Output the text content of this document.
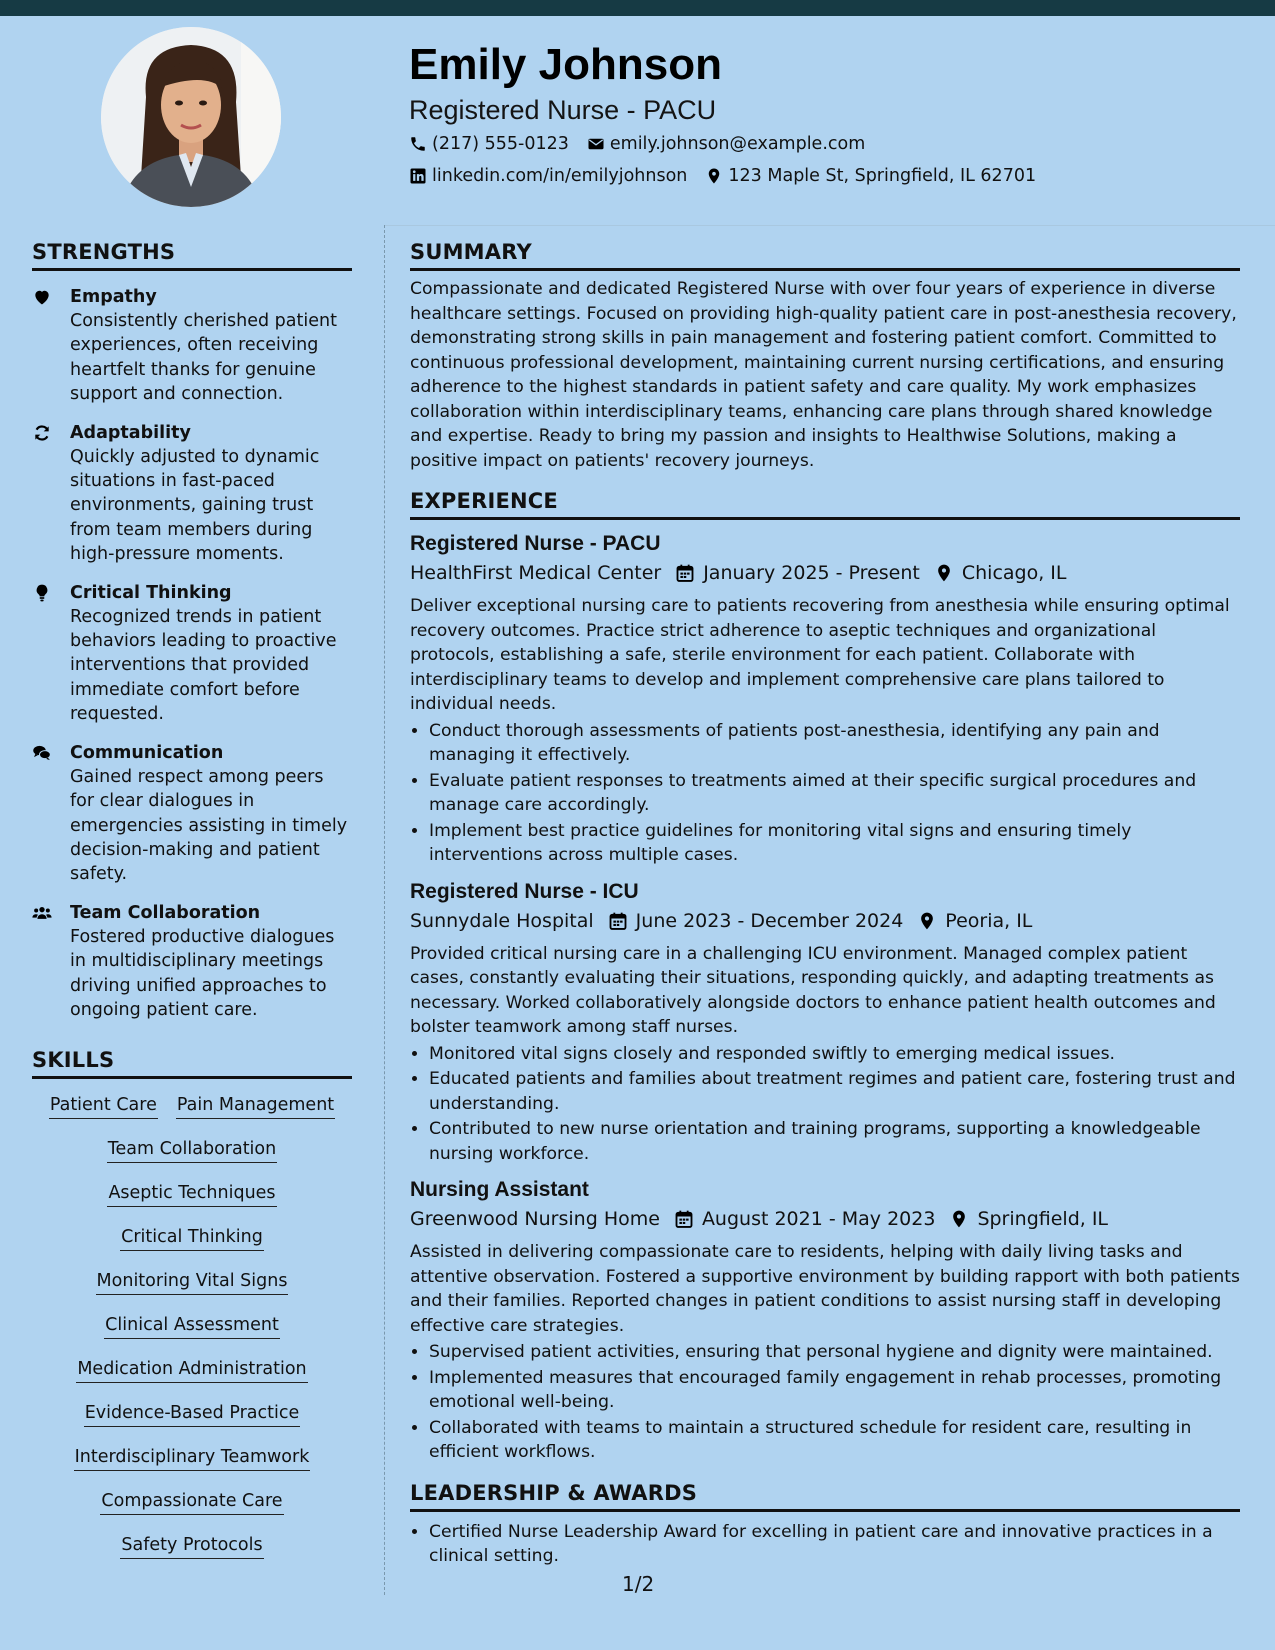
Emily Johnson
Registered Nurse - PACU
(217) 555-0123 emily.johnson@example.com
linkedin.com/in/emilyjohnson 123 Maple St, Springfield, IL 62701
STRENGTHS

Empathy

Consistently cherished patient experiences, often receiving heartfelt thanks for genuine support and connection.

Adaptability

Quickly adjusted to dynamic situations in fast-paced environments, gaining trust from team members during high-pressure moments.

Critical Thinking

Recognized trends in patient behaviors leading to proactive interventions that provided immediate comfort before requested.

Communication

Gained respect among peers for clear dialogues in emergencies assisting in timely decision-making and patient safety.

Team Collaboration

Fostered productive dialogues in multidisciplinary meetings driving unified approaches to ongoing patient care.

SKILLS
Patient Care Pain Management
Team Collaboration
Aseptic Techniques
Critical Thinking
Monitoring Vital Signs
Clinical Assessment
Medication Administration
Evidence-Based Practice
Interdisciplinary Teamwork
Compassionate Care
Safety Protocols
SUMMARY

Compassionate and dedicated Registered Nurse with over four years of experience in diverse healthcare settings. Focused on providing high-quality patient care in post-anesthesia recovery, demonstrating strong skills in pain management and fostering patient comfort. Committed to continuous professional development, maintaining current nursing certifications, and ensuring adherence to the highest standards in patient safety and care quality. My work emphasizes collaboration within interdisciplinary teams, enhancing care plans through shared knowledge and expertise. Ready to bring my passion and insights to Healthwise Solutions, making a positive impact on patients' recovery journeys.

EXPERIENCE

Registered Nurse - PACU

HealthFirst Medical Center January 2025 - Present Chicago, IL

Deliver exceptional nursing care to patients recovering from anesthesia while ensuring optimal recovery outcomes. Practice strict adherence to aseptic techniques and organizational protocols, establishing a safe, sterile environment for each patient. Collaborate with interdisciplinary teams to develop and implement comprehensive care plans tailored to individual needs.

• Conduct thorough assessments of patients post-anesthesia, identifying any pain and managing it effectively.
• Evaluate patient responses to treatments aimed at their specific surgical procedures and manage care accordingly.
• Implement best practice guidelines for monitoring vital signs and ensuring timely interventions across multiple cases.

Registered Nurse - ICU

Sunnydale Hospital June 2023 - December 2024 Peoria, IL

Provided critical nursing care in a challenging ICU environment. Managed complex patient cases, constantly evaluating their situations, responding quickly, and adapting treatments as necessary. Worked collaboratively alongside doctors to enhance patient health outcomes and bolster teamwork among staff nurses.

• Monitored vital signs closely and responded swiftly to emerging medical issues.
• Educated patients and families about treatment regimes and patient care, fostering trust and understanding.
• Contributed to new nurse orientation and training programs, supporting a knowledgeable nursing workforce.

Nursing Assistant

Greenwood Nursing Home August 2021 - May 2023 Springfield, IL

Assisted in delivering compassionate care to residents, helping with daily living tasks and attentive observation. Fostered a supportive environment by building rapport with both patients and their families. Reported changes in patient conditions to assist nursing staff in developing effective care strategies.

• Supervised patient activities, ensuring that personal hygiene and dignity were maintained.
• Implemented measures that encouraged family engagement in rehab processes, promoting emotional well-being.
• Collaborated with teams to maintain a structured schedule for resident care, resulting in efficient workflows.
LEADERSHIP & AWARDS
• Certified Nurse Leadership Award for excelling in patient care and innovative practices in a clinical setting.
1/2
